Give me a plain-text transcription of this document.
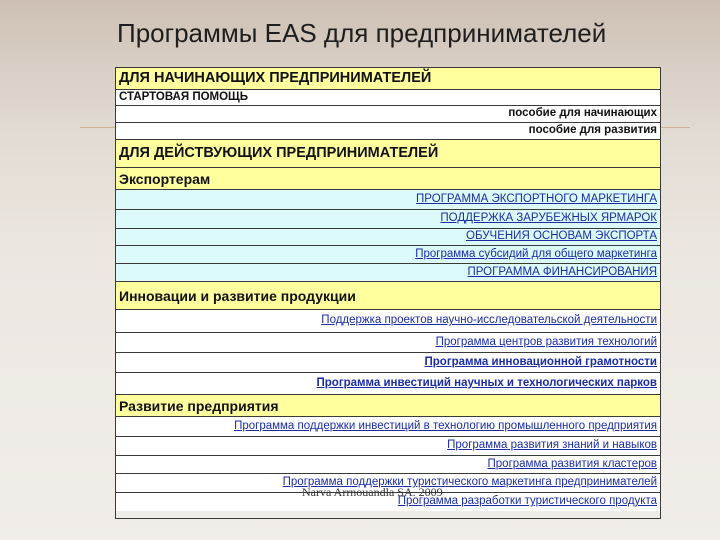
Программы EAS для предпринимателей
ДЛЯ НАЧИНАЮЩИХ ПРЕДПРИНИМАТЕЛЕЙ
СТАРТОВАЯ ПОМОЩЬ
пособие для начинающих
пособие для развития
ДЛЯ ДЕЙСТВУЮЩИХ ПРЕДПРИНИМАТЕЛЕЙ
Экспортерам
ПРОГРАММА ЭКСПОРТНОГО МАРКЕТИНГА
ПОДДЕРЖКА ЗАРУБЕЖНЫХ ЯРМАРОК
ОБУЧЕНИЯ ОСНОВАМ ЭКСПОРТА
Программа субсидий для общего маркетинга
ПРОГРАММА ФИНАНСИРОВАНИЯ
Инновации и развитие продукции
Поддержка проектов научно-исследовательской деятельности
Программа центров развития технологий
Программа инновационной грамотности
Программа инвестиций научных и технологических парков
Развитие предприятия
Программа поддержки инвестиций в технологию промышленного предприятия
Программа развития знаний и навыков
Программа развития кластеров
Программа поддержки туристического маркетинга предпринимателей
Программа разработки туристического продукта
Narva Arrnouandla SA. 2009
